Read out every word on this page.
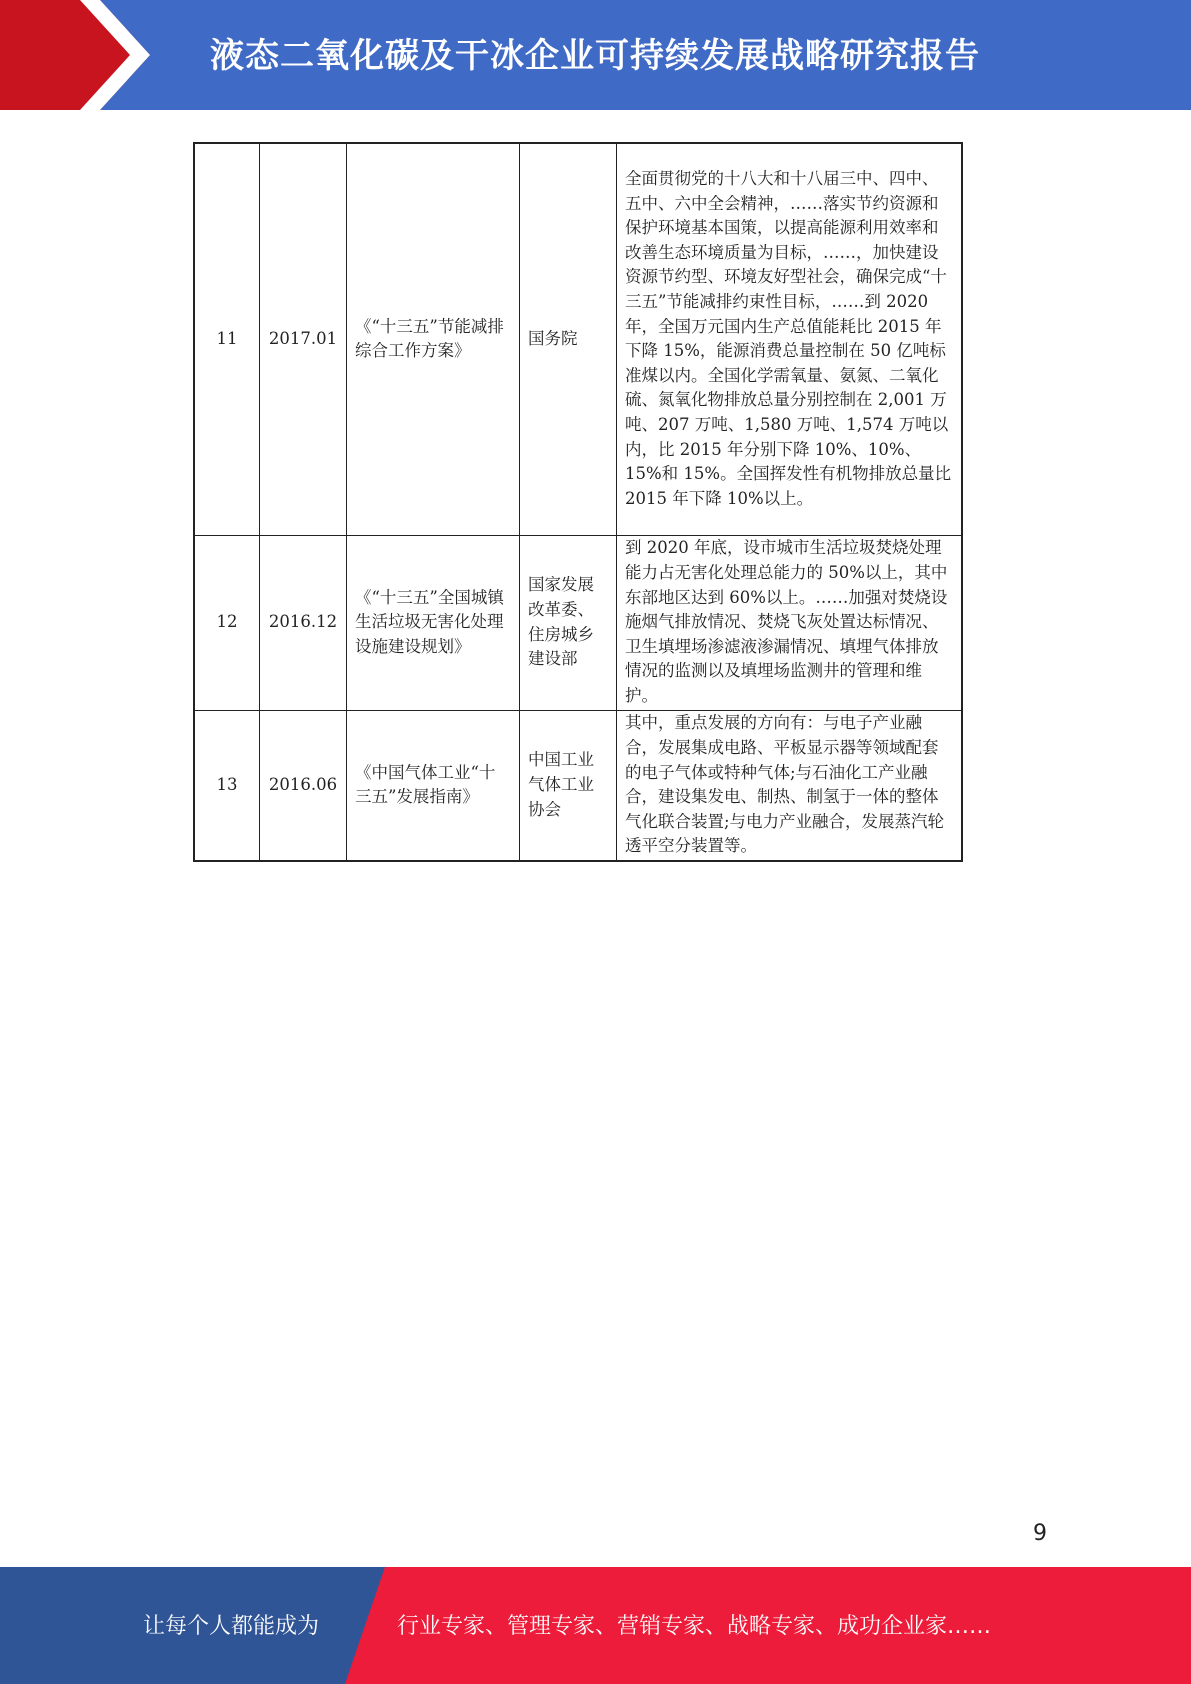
液态二氧化碳及干冰企业可持续发展战略研究报告
11	2017.01	《“十三五”节能减排综合工作方案》	国务院	全面贯彻党的十八大和十八届三中、四中、五中、六中全会精神，……落实节约资源和保护环境基本国策，以提高能源利用效率和改善生态环境质量为目标，……，加快建设资源节约型、环境友好型社会，确保完成“十三五”节能减排约束性目标，……到 2020 年，全国万元国内生产总值能耗比 2015 年下降 15%，能源消费总量控制在 50 亿吨标准煤以内。全国化学需氧量、氨氮、二氧化硫、氮氧化物排放总量分别控制在 2,001 万吨、207 万吨、1,580 万吨、1,574 万吨以内，比 2015 年分别下降 10%、10%、15%和 15%。全国挥发性有机物排放总量比 2015 年下降 10%以上。
12	2016.12	《“十三五”全国城镇生活垃圾无害化处理设施建设规划》	国家发展改革委、住房城乡建设部	到 2020 年底，设市城市生活垃圾焚烧处理能力占无害化处理总能力的 50%以上，其中东部地区达到 60%以上。……加强对焚烧设施烟气排放情况、焚烧飞灰处置达标情况、卫生填埋场渗滤液渗漏情况、填埋气体排放情况的监测以及填埋场监测井的管理和维护。
13	2016.06	《中国气体工业“十三五”发展指南》	中国工业气体工业协会	其中，重点发展的方向有：与电子产业融合，发展集成电路、平板显示器等领域配套的电子气体或特种气体;与石油化工产业融合，建设集发电、制热、制氢于一体的整体气化联合装置;与电力产业融合，发展蒸汽轮透平空分装置等。
9
让每个人都能成为	行业专家、管理专家、营销专家、战略专家、成功企业家……
